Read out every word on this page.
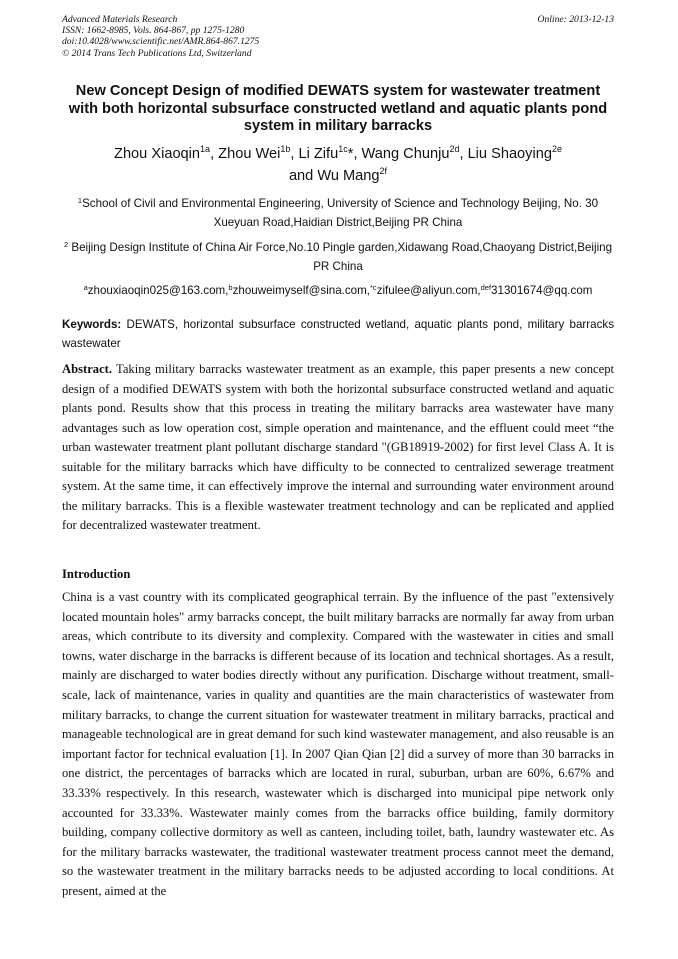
Advanced Materials Research
ISSN: 1662-8985, Vols. 864-867, pp 1275-1280
doi:10.4028/www.scientific.net/AMR.864-867.1275
© 2014 Trans Tech Publications Ltd, Switzerland
Online: 2013-12-13
New Concept Design of modified DEWATS system for wastewater treatment with both horizontal subsurface constructed wetland and aquatic plants pond system in military barracks
Zhou Xiaoqin$^{1a}$, Zhou Wei$^{1b}$, Li Zifu$^{1c}$*, Wang Chunju$^{2d}$, Liu Shaoying$^{2e}$
and Wu Mang$^{2f}$
$^1$School of Civil and Environmental Engineering, University of Science and Technology Beijing, No. 30 Xueyuan Road,Haidian District,Beijing PR China
$^2$ Beijing Design Institute of China Air Force,No.10 Pingle garden,Xidawang Road,Chaoyang District,Beijing PR China
$^a$zhouxiaoqin025@163.com,$^b$zhouweimyself@sina.com,$^{*c}$zifulee@aliyun.com,$^{def}$31301674@qq.com
Keywords: DEWATS, horizontal subsurface constructed wetland, aquatic plants pond, military barracks wastewater
Abstract. Taking military barracks wastewater treatment as an example, this paper presents a new concept design of a modified DEWATS system with both the horizontal subsurface constructed wetland and aquatic plants pond. Results show that this process in treating the military barracks area wastewater have many advantages such as low operation cost, simple operation and maintenance, and the effluent could meet “the urban wastewater treatment plant pollutant discharge standard "(GB18919-2002) for first level Class A. It is suitable for the military barracks which have difficulty to be connected to centralized sewerage treatment system. At the same time, it can effectively improve the internal and surrounding water environment around the military barracks. This is a flexible wastewater treatment technology and can be replicated and applied for decentralized wastewater treatment.
Introduction
China is a vast country with its complicated geographical terrain. By the influence of the past "extensively located mountain holes" army barracks concept, the built military barracks are normally far away from urban areas, which contribute to its diversity and complexity. Compared with the wastewater in cities and small towns, water discharge in the barracks is different because of its location and technical shortages. As a result, mainly are discharged to water bodies directly without any purification. Discharge without treatment, small-scale, lack of maintenance, varies in quality and quantities are the main characteristics of wastewater from military barracks, to change the current situation for wastewater treatment in military barracks, practical and manageable technological are in great demand for such kind wastewater management, and also reusable is an important factor for technical evaluation [1]. In 2007 Qian Qian [2] did a survey of more than 30 barracks in one district, the percentages of barracks which are located in rural, suburban, urban are 60%, 6.67% and 33.33% respectively. In this research, wastewater which is discharged into municipal pipe network only accounted for 33.33%. Wastewater mainly comes from the barracks office building, family dormitory building, company collective dormitory as well as canteen, including toilet, bath, laundry wastewater etc. As for the military barracks wastewater, the traditional wastewater treatment process cannot meet the demand, so the wastewater treatment in the military barracks needs to be adjusted according to local conditions. At present, aimed at the
